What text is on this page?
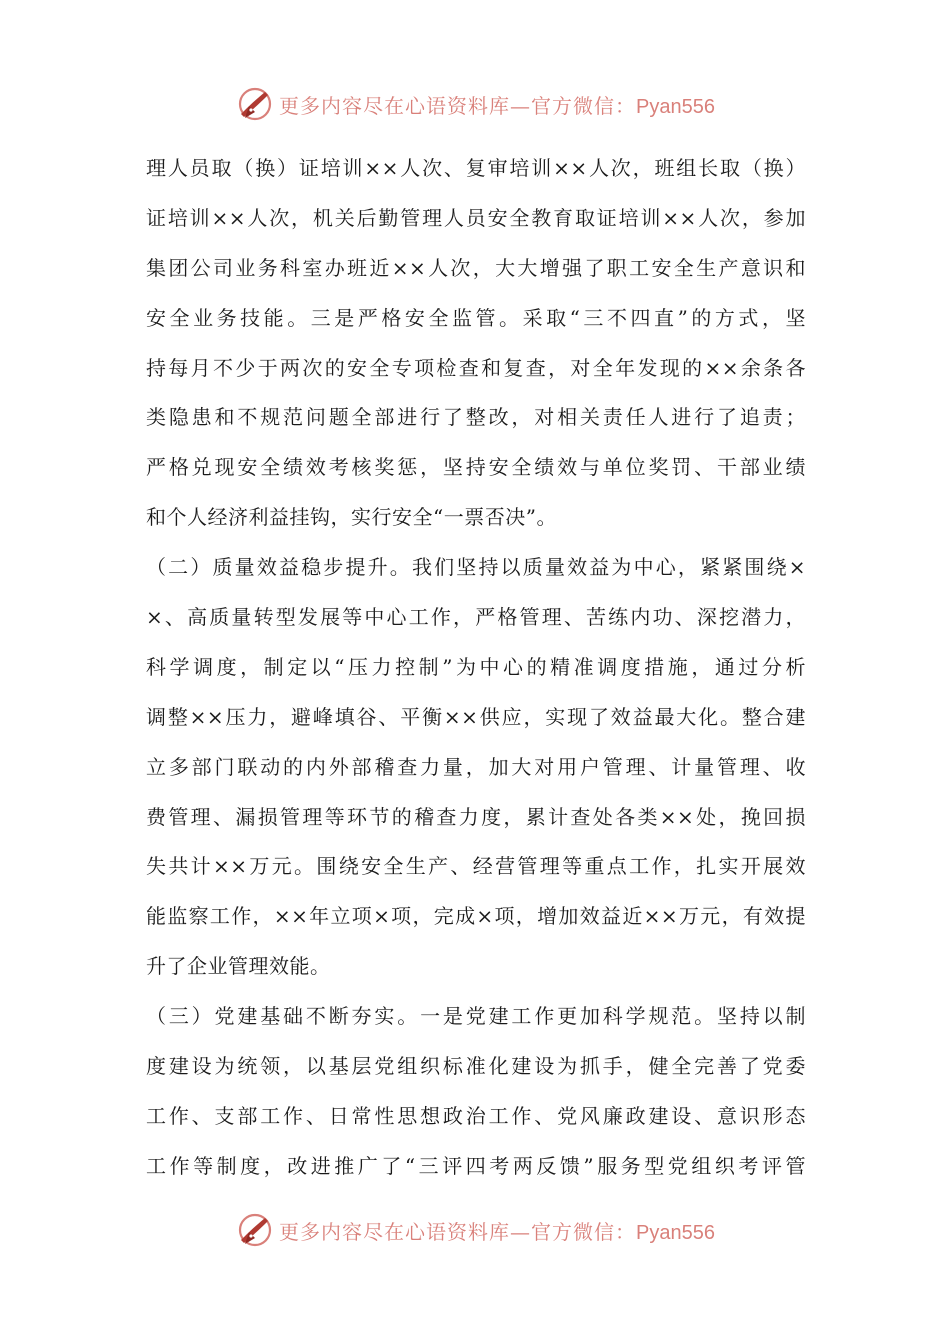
更多内容尽在心语资料库—官方微信：Pyan556
理人员取（换）证培训××人次、复审培训××人次，班组长取（换）
证培训××人次，机关后勤管理人员安全教育取证培训××人次，参加
集团公司业务科室办班近××人次，大大增强了职工安全生产意识和
安全业务技能。三是严格安全监管。采取“三不四直”的方式，坚
持每月不少于两次的安全专项检查和复查，对全年发现的××余条各
类隐患和不规范问题全部进行了整改，对相关责任人进行了追责；
严格兑现安全绩效考核奖惩，坚持安全绩效与单位奖罚、干部业绩
和个人经济利益挂钩，实行安全“一票否决”。
（二）质量效益稳步提升。我们坚持以质量效益为中心，紧紧围绕×
×、高质量转型发展等中心工作，严格管理、苦练内功、深挖潜力，
科学调度，制定以“压力控制”为中心的精准调度措施，通过分析
调整××压力，避峰填谷、平衡××供应，实现了效益最大化。整合建
立多部门联动的内外部稽查力量，加大对用户管理、计量管理、收
费管理、漏损管理等环节的稽查力度，累计查处各类××处，挽回损
失共计××万元。围绕安全生产、经营管理等重点工作，扎实开展效
能监察工作，××年立项×项，完成×项，增加效益近××万元，有效提
升了企业管理效能。
（三）党建基础不断夯实。一是党建工作更加科学规范。坚持以制
度建设为统领，以基层党组织标准化建设为抓手，健全完善了党委
工作、支部工作、日常性思想政治工作、党风廉政建设、意识形态
工作等制度，改进推广了“三评四考两反馈”服务型党组织考评管
更多内容尽在心语资料库—官方微信：Pyan556
